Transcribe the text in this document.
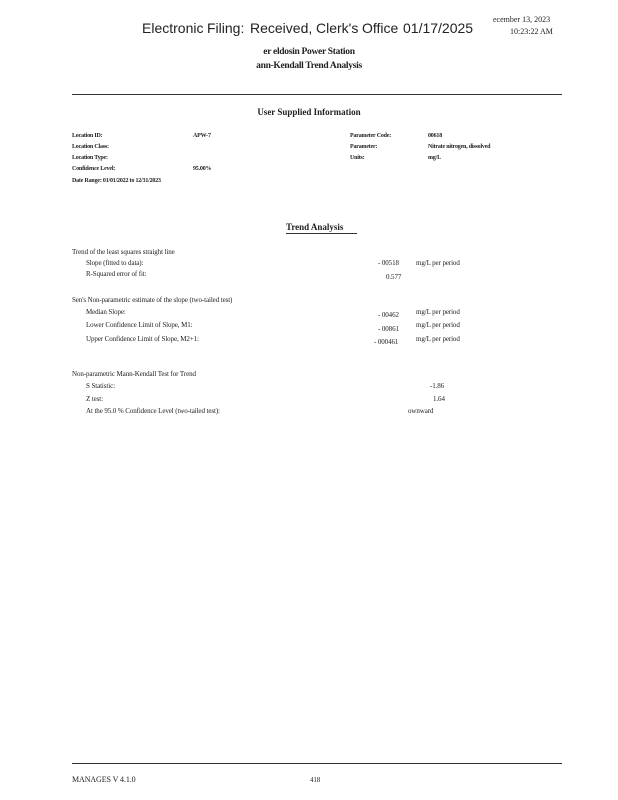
Electronic Filing: Received, Clerk's Office 01/17/2025
ecember 13, 2023
10:23:22 AM
er eldosin Power Station
ann-Kendall Trend Analysis
User Supplied Information
Location ID:	APW-7
Location Class:
Location Type:
Confidence Level:	95.00%
Date Range: 01/01/2022 to 12/31/2023
Parameter Code:	00618
Parameter:	Nitrate nitrogen, dissolved
Units:	mg/L
Trend Analysis
Trend of the least squares straight line
Slope (fitted to data):	- 00518 mg/L per period
R-Squared error of fit:	0.577
Sen's Non-parametric estimate of the slope (two-tailed test)
Median Slope:	- 00462 mg/L per period
Lower Confidence Limit of Slope, M1:	- 00861 mg/L per period
Upper Confidence Limit of Slope, M2+1:	- 000461	mg/L per period
Non-parametric Mann-Kendall Test for Trend
S Statistic:	-1.86
Z test:	1.64
At the 95.0 % Confidence Level (two-tailed test):	ownward
MANAGES V 4.1.0	418
